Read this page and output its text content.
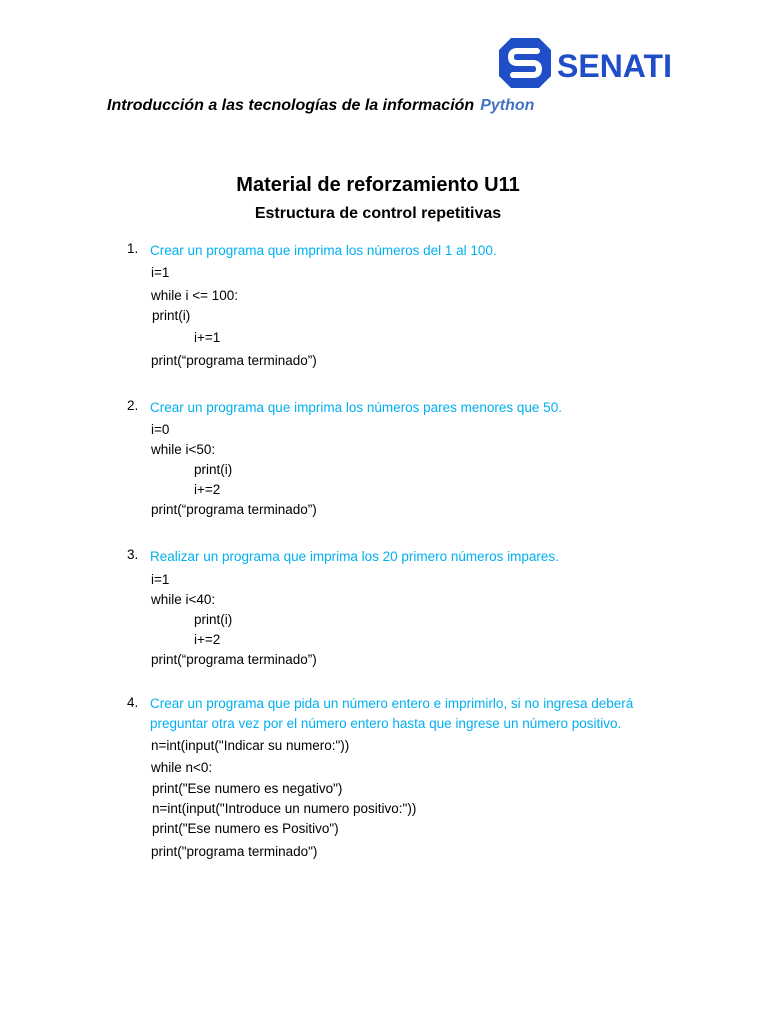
SENATI
Introducción a las tecnologías de la información Python
Material de reforzamiento U11
Estructura de control repetitivas
1. Crear un programa que imprima los números del 1 al 100.
i=1
while i <= 100:
print(i)
i+=1
print(“programa terminado”)
2. Crear un programa que imprima los números pares menores que 50.
i=0
while i<50:
print(i)
i+=2
print(“programa terminado”)
3. Realizar un programa que imprima los 20 primero números impares.
i=1
while i<40:
print(i)
i+=2
print(“programa terminado”)
4. Crear un programa que pida un número entero e imprimirlo, si no ingresa deberá
preguntar otra vez por el número entero hasta que ingrese un número positivo.
n=int(input("Indicar su numero:"))
while n<0:
print("Ese numero es negativo")
n=int(input("Introduce un numero positivo:"))
print("Ese numero es Positivo")
print("programa terminado")
